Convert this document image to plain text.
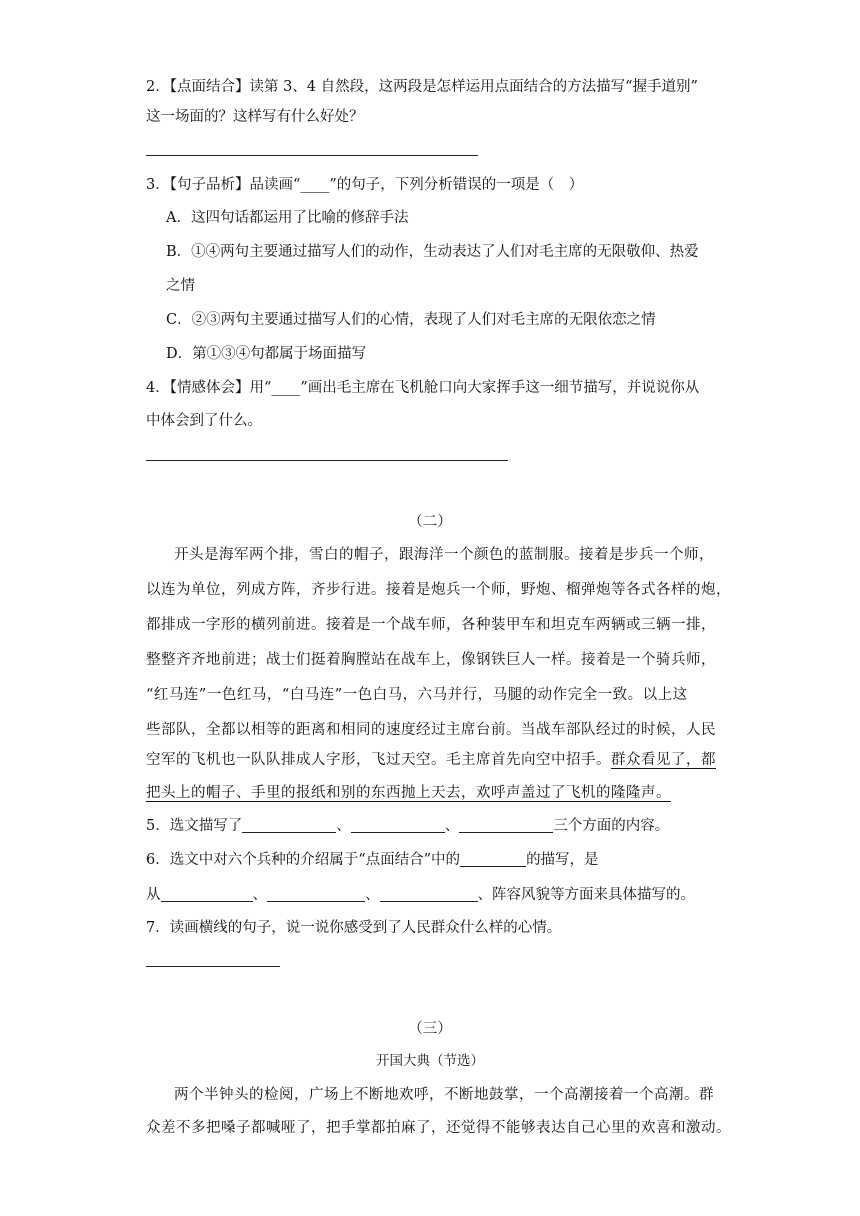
2．【点面结合】读第 3、4 自然段，这两段是怎样运用点面结合的方法描写“握手道别”
这一场面的？这样写有什么好处？
3．【句子品析】品读画“____”的句子，下列分析错误的一项是（　）
A．这四句话都运用了比喻的修辞手法
B．①④两句主要通过描写人们的动作，生动表达了人们对毛主席的无限敬仰、热爱
之情
C．②③两句主要通过描写人们的心情，表现了人们对毛主席的无限依恋之情
D．第①③④句都属于场面描写
4．【情感体会】用“____”画出毛主席在飞机舱口向大家挥手这一细节描写，并说说你从
中体会到了什么。
（二）
开头是海军两个排，雪白的帽子，跟海洋一个颜色的蓝制服。接着是步兵一个师，
以连为单位，列成方阵，齐步行进。接着是炮兵一个师，野炮、榴弹炮等各式各样的炮，
都排成一字形的横列前进。接着是一个战车师，各种装甲车和坦克车两辆或三辆一排，
整整齐齐地前进；战士们挺着胸膛站在战车上，像钢铁巨人一样。接着是一个骑兵师，
“红马连”一色红马，“白马连”一色白马，六马并行，马腿的动作完全一致。以上这
些部队，全都以相等的距离和相同的速度经过主席台前。当战车部队经过的时候，人民
空军的飞机也一队队排成人字形，飞过天空。毛主席首先向空中招手。群众看见了，都
把头上的帽子、手里的报纸和别的东西抛上天去，欢呼声盖过了飞机的隆隆声。
5．选文描写了	、	、	三个方面的内容。
6．选文中对六个兵种的介绍属于“点面结合”中的	的描写，是
从	、	、	、阵容风貌等方面来具体描写的。
7．读画横线的句子，说一说你感受到了人民群众什么样的心情。
（三）
开国大典（节选）
两个半钟头的检阅，广场上不断地欢呼，不断地鼓掌，一个高潮接着一个高潮。群
众差不多把嗓子都喊哑了，把手掌都拍麻了，还觉得不能够表达自己心里的欢喜和激动。
